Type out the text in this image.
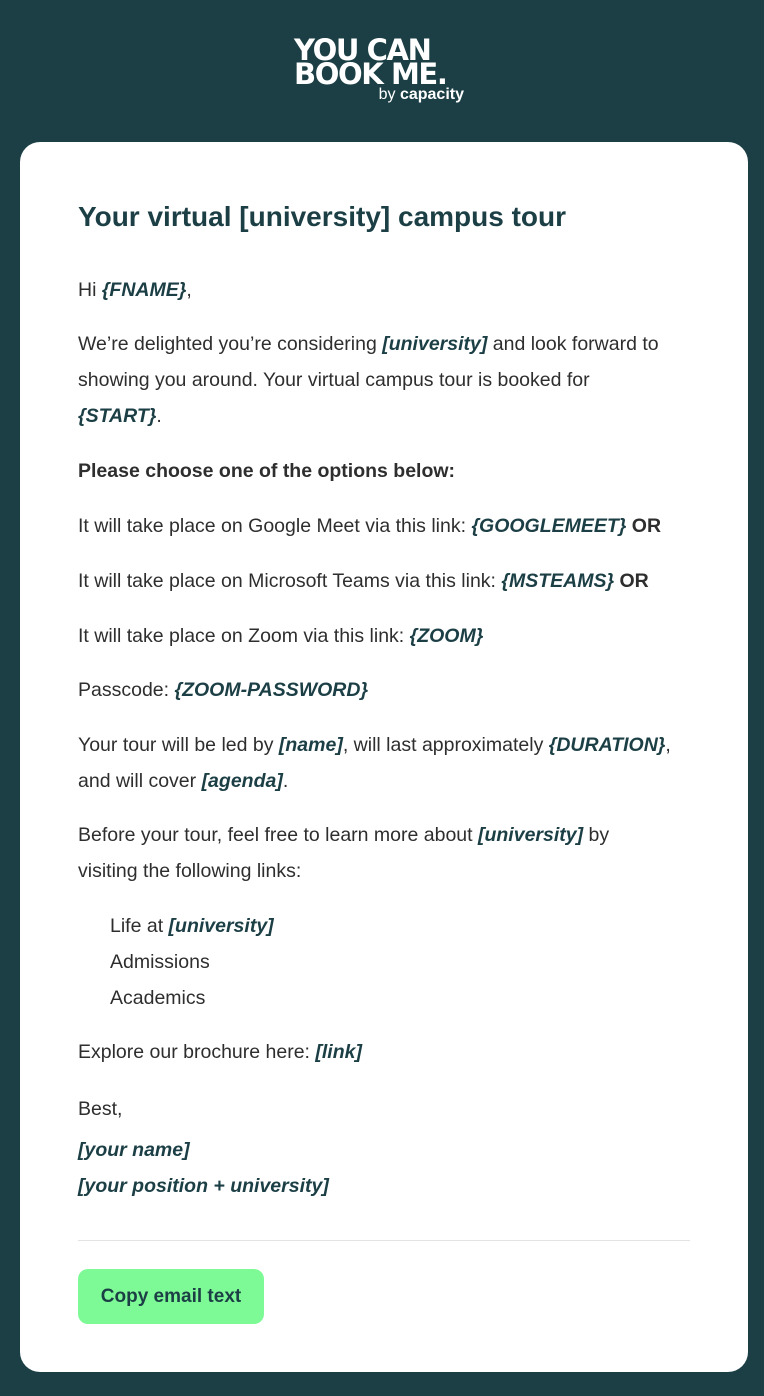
YOU CAN
BOOK ME.
by capacity
Your virtual [university] campus tour
Hi {FNAME},
We’re delighted you’re considering [university] and look forward to
showing you around. Your virtual campus tour is booked for
{START}.
Please choose one of the options below:
It will take place on Google Meet via this link: {GOOGLEMEET} OR
It will take place on Microsoft Teams via this link: {MSTEAMS} OR
It will take place on Zoom via this link: {ZOOM}
Passcode: {ZOOM-PASSWORD}
Your tour will be led by [name], will last approximately {DURATION},
and will cover [agenda].
Before your tour, feel free to learn more about [university] by
visiting the following links:
Life at [university]
Admissions
Academics
Explore our brochure here: [link]
Best,
[your name]
[your position + university]
Copy email text
